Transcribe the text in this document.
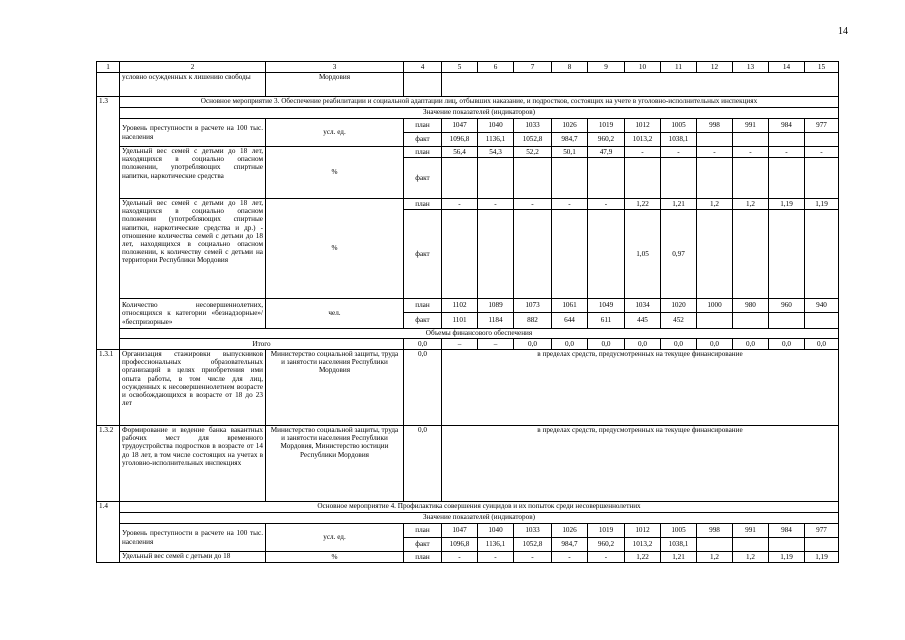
14
1	2	3	4	5	6	7	8	9	10	11	12	13	14	15
	условно осужденных к лишению свободы	Мордовия												
1.3	Основное мероприятие 3. Обеспечение реабилитации и социальной адаптации лиц, отбывших наказание, и подростков, состоящих на учете в уголовно-исполнительных инспекциях													
	Значение показателей (индикаторов)													
	Уровень преступности в расчете на 100 тыс. населения	усл. ед.	план	1047	1040	1033	1026	1019	1012	1005	998	991	984	977
			факт	1096,8	1136,1	1052,8	984,7	960,2	1013,2	1038,1				
	Удельный вес семей с детьми до 18 лет, находящихся в социально опасном положении, употребляющих спиртные напитки, наркотические средства	%	план	56,4	54,3	52,2	50,1	47,9	-	-	-	-	-	-
			факт											
	Удельный вес семей с детьми до 18 лет, находящихся в социально опасном положении (употребляющих спиртные напитки, наркотические средства и др.) - отношение количества семей с детьми до 18 лет, находящихся в социально опасном положении, к количеству семей с детьми на территории Республики Мордовия	%	план	-	-	-	-	-	1,22	1,21	1,2	1,2	1,19	1,19
			факт						1,05	0,97				
	Количество несовершеннолетних, относящихся к категории «безнадзорные»/ «беспризорные»	чел.	план	1102	1089	1073	1061	1049	1034	1020	1000	980	960	940
			факт	1101	1184	882	644	611	445	452				
	Объемы финансового обеспечения													
	Итого		0,0	–	–	0,0	0,0	0,0	0,0	0,0	0,0	0,0	0,0	0,0
1.3.1	Организация стажировки выпускников профессиональных образовательных организаций в целях приобретения ими опыта работы, в том числе для лиц, осужденных к несовершеннолетнем возрасте и освобождающихся в возрасте от 18 до 23 лет	Министерство социальной защиты, труда и занятости населения Республики Мордовия	0,0	в пределах средств, предусмотренных на текущее финансирование										
1.3.2	Формирование и ведение банка вакантных рабочих мест для временного трудоустройства подростков в возрасте от 14 до 18 лет, в том числе состоящих на учетах в уголовно-исполнительных инспекциях	Министерство социальной защиты, труда и занятости населения Республики Мордовия, Министерство юстиции Республики Мордовия	0,0	в пределах средств, предусмотренных на текущее финансирование										
1.4	Основное мероприятие 4. Профилактика совершения суицидов и их попыток среди несовершеннолетних													
	Значение показателей (индикаторов)													
	Уровень преступности в расчете на 100 тыс. населения	усл. ед.	план	1047	1040	1033	1026	1019	1012	1005	998	991	984	977
			факт	1096,8	1136,1	1052,8	984,7	960,2	1013,2	1038,1				
	Удельный вес семей с детьми до 18	%	план	-	-	-	-	-	1,22	1,21	1,2	1,2	1,19	1,19
